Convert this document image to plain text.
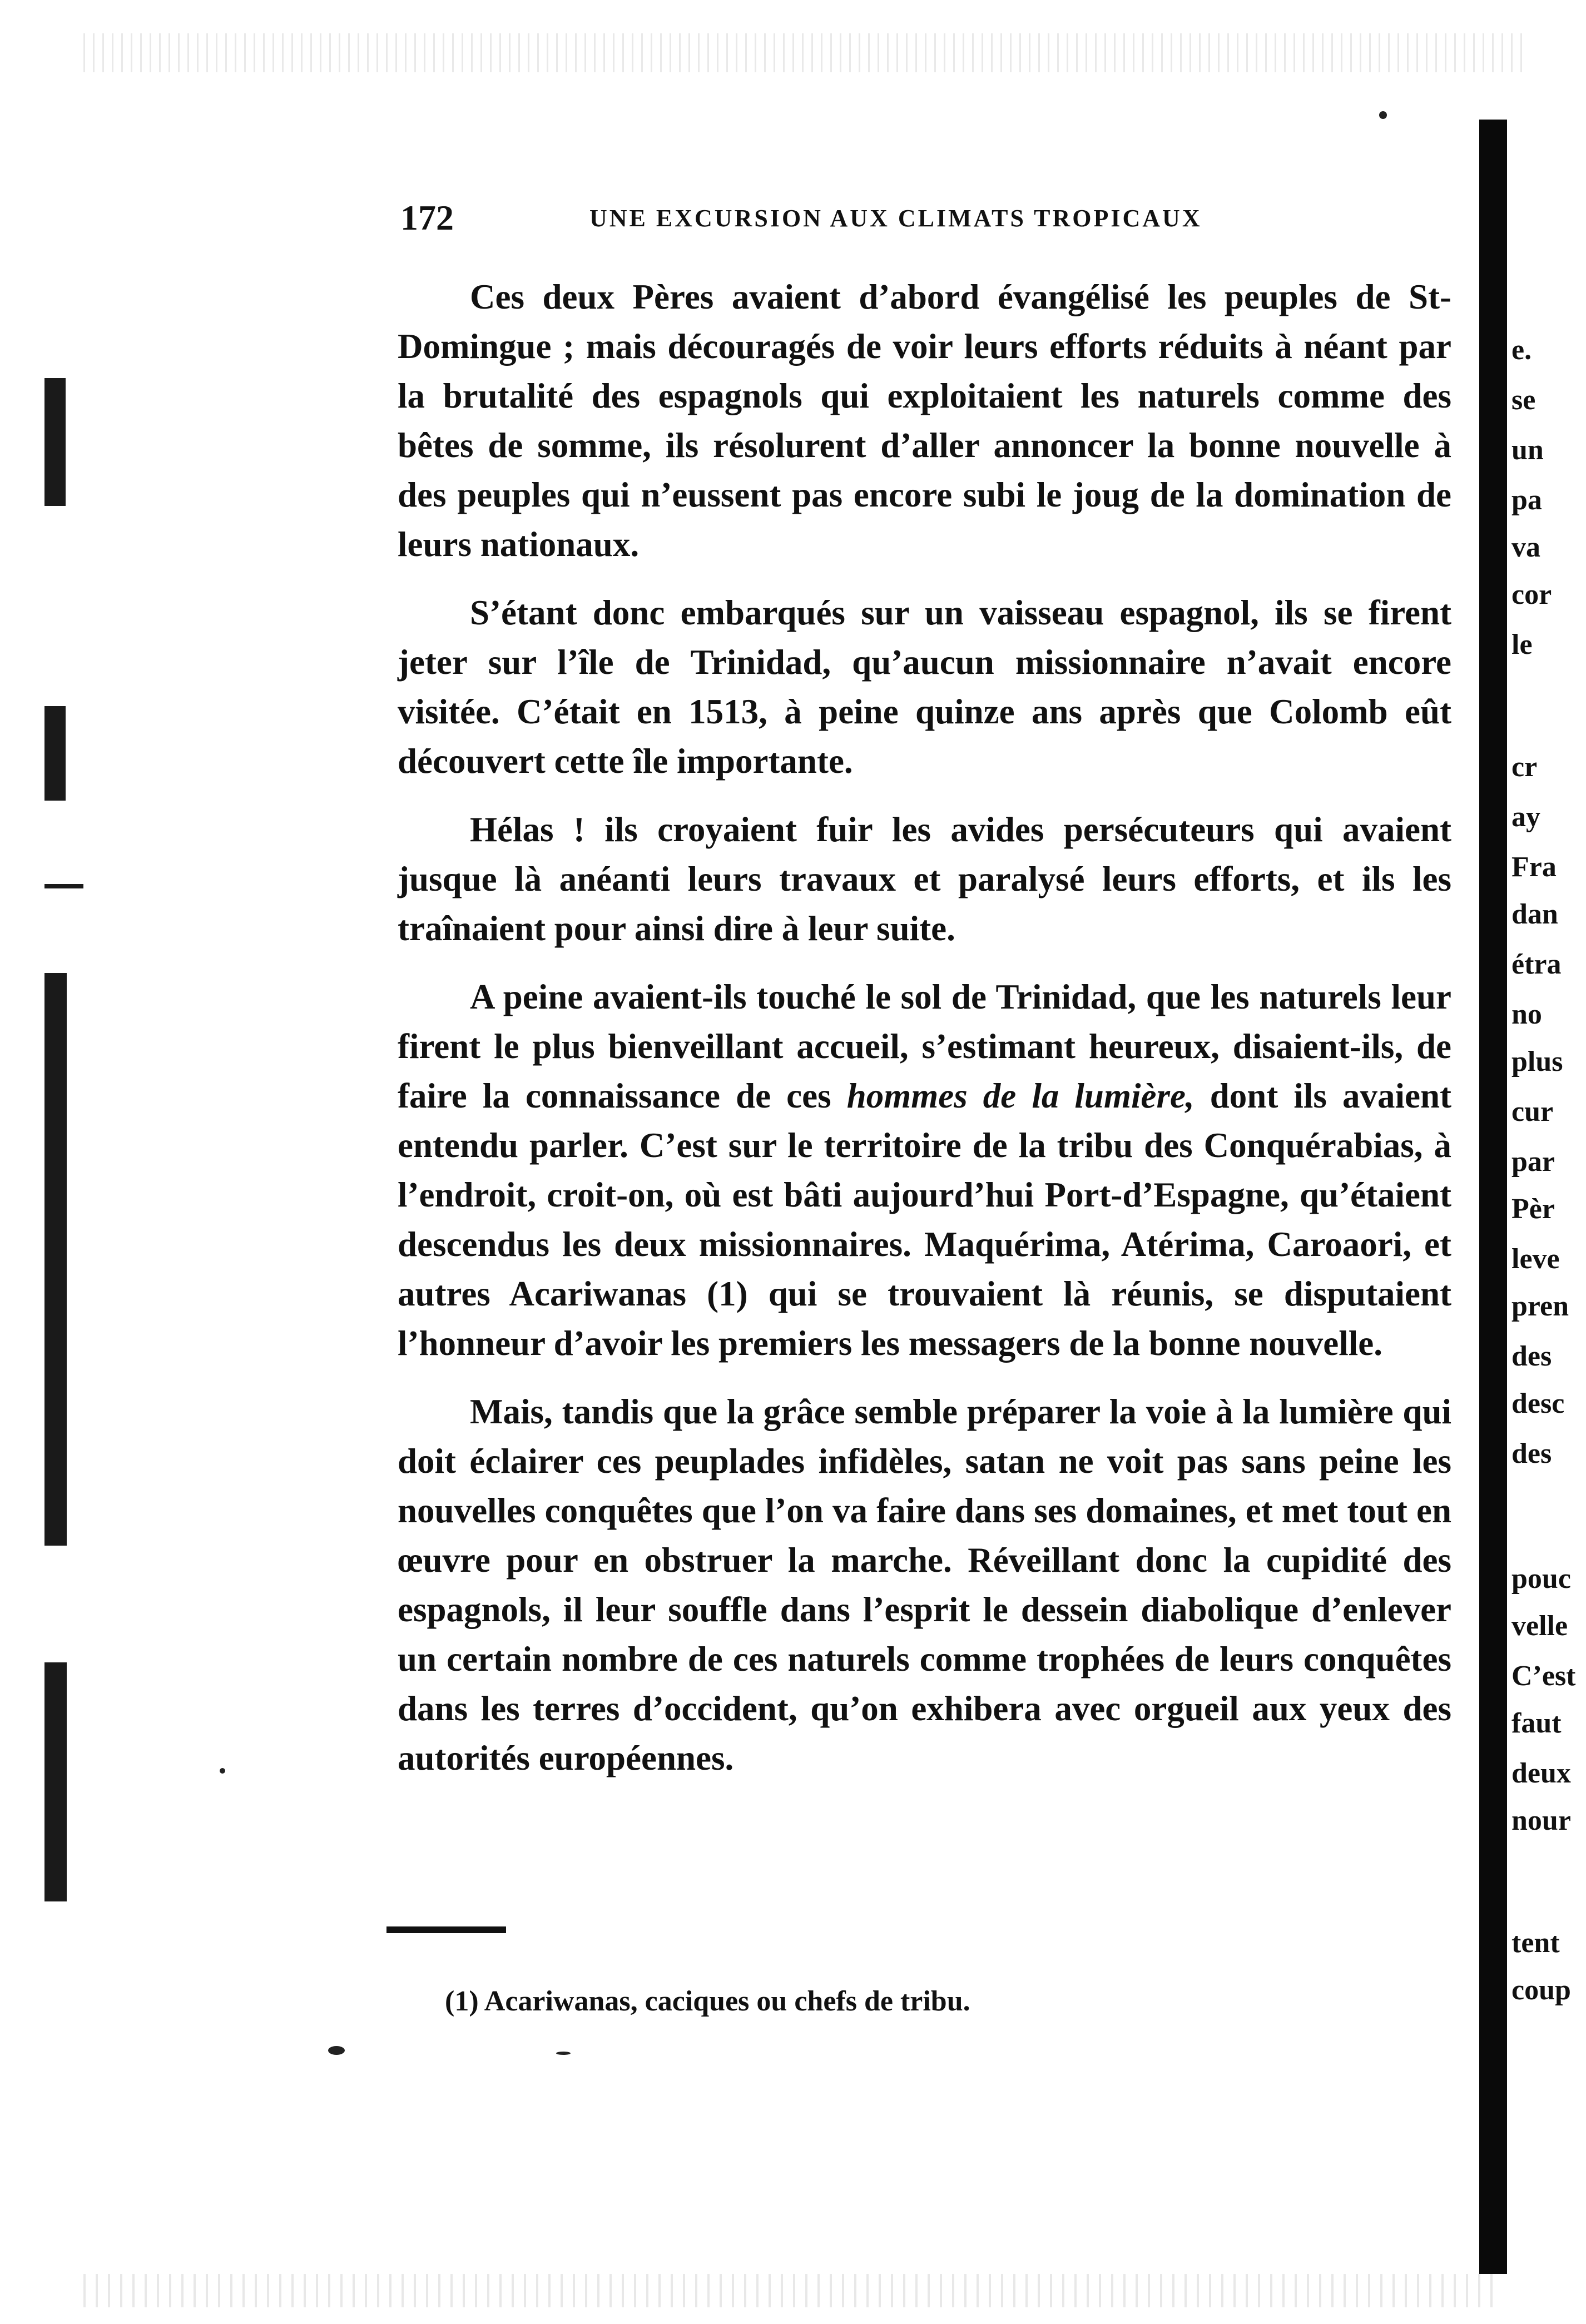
172	UNE EXCURSION AUX CLIMATS TROPICAUX

Ces deux Pères avaient d’abord évangélisé les peuples de St-Domingue ; mais découragés de voir leurs efforts réduits à néant par la brutalité des espagnols qui exploitaient les naturels comme des bêtes de somme, ils résolurent d’aller annoncer la bonne nouvelle à des peuples qui n’eussent pas encore subi le joug de la domination de leurs nationaux.

S’étant donc embarqués sur un vaisseau espagnol, ils se firent jeter sur l’île de Trinidad, qu’aucun missionnaire n’avait encore visitée. C’était en 1513, à peine quinze ans après que Colomb eût découvert cette île importante.

Hélas ! ils croyaient fuir les avides persécuteurs qui avaient jusque là anéanti leurs travaux et paralysé leurs efforts, et ils les traînaient pour ainsi dire à leur suite.

A peine avaient-ils touché le sol de Trinidad, que les naturels leur firent le plus bienveillant accueil, s’estimant heureux, disaient-ils, de faire la connaissance de ces hommes de la lumière, dont ils avaient entendu parler. C’est sur le territoire de la tribu des Conquérabias, à l’endroit, croit-on, où est bâti aujourd’hui Port-d’Espagne, qu’étaient descendus les deux missionnaires. Maquérima, Atérima, Caroaori, et autres Acariwanas (1) qui se trouvaient là réunis, se disputaient l’honneur d’avoir les premiers les messagers de la bonne nouvelle.

Mais, tandis que la grâce semble préparer la voie à la lumière qui doit éclairer ces peuplades infidèles, satan ne voit pas sans peine les nouvelles conquêtes que l’on va faire dans ses domaines, et met tout en œuvre pour en obstruer la marche. Réveillant donc la cupidité des espagnols, il leur souffle dans l’esprit le dessein diabolique d’enlever un certain nombre de ces naturels comme trophées de leurs conquêtes dans les terres d’occident, qu’on exhibera avec orgueil aux yeux des autorités européennes.

(1) Acariwanas, caciques ou chefs de tribu.
e.
se
un
pa
va
cor
le
cr
ay
Fra
dan
étra
no
plus
cur
par
Pèr
leve
pren
des
desc
des
pouc
velle
C’est
faut
deux
nour
tent
coup
